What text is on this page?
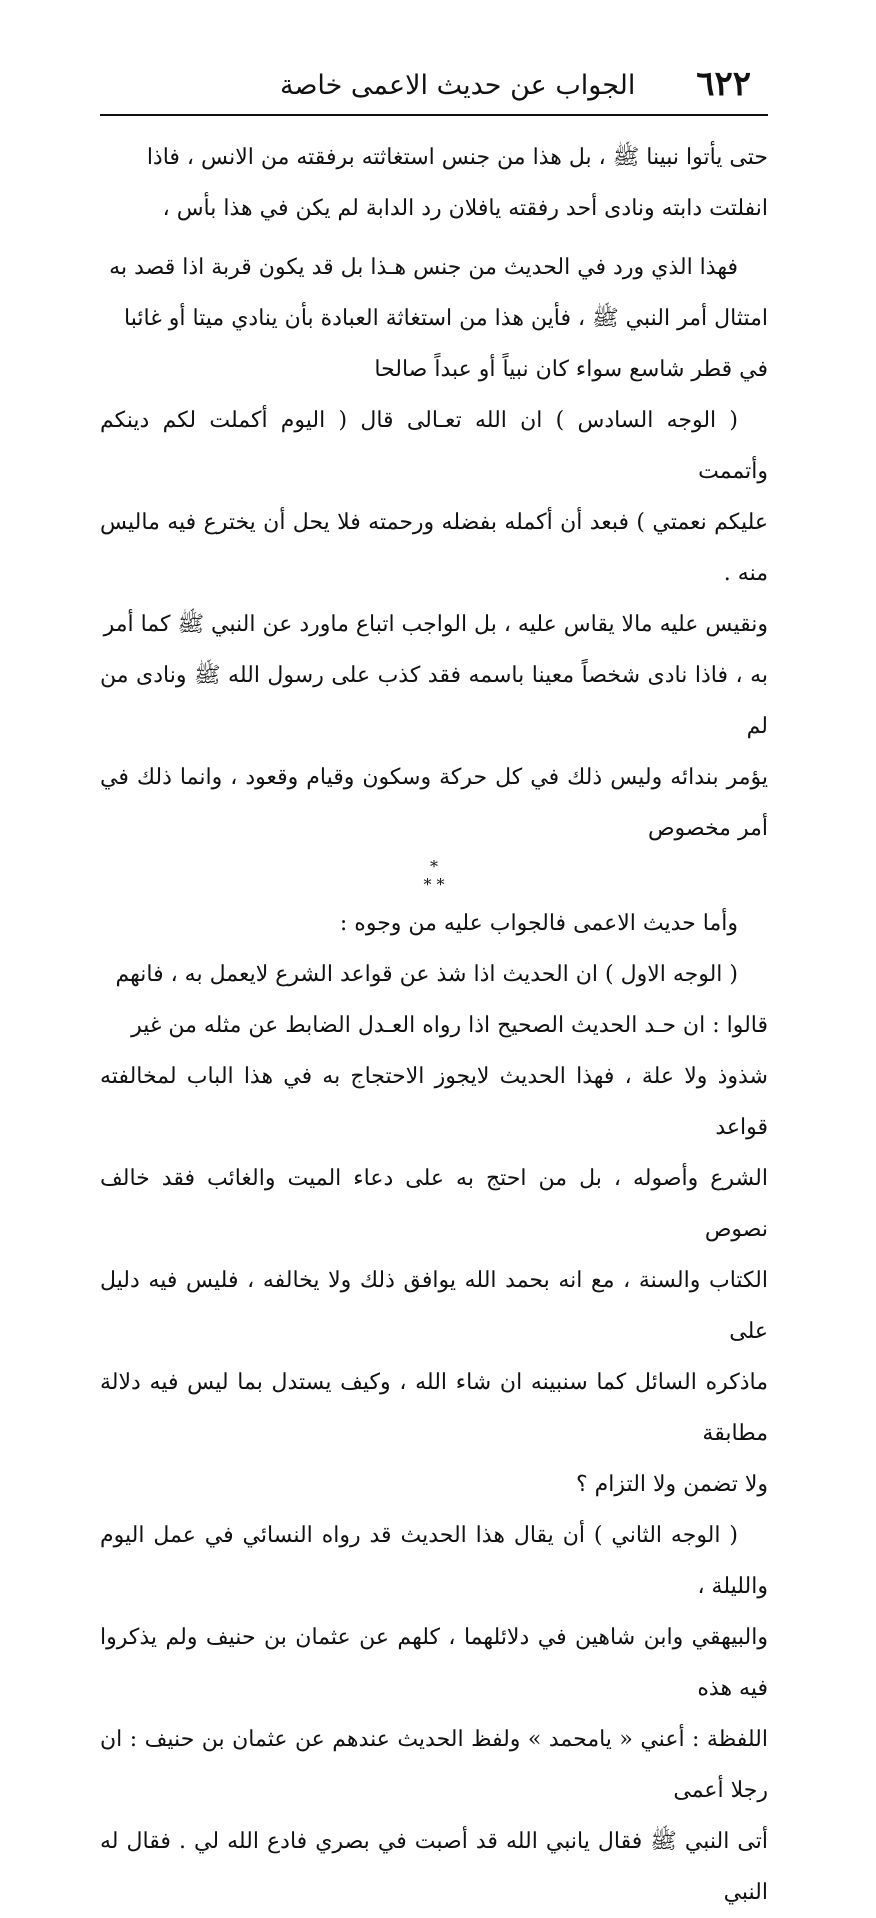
٦٢٢
الجواب عن حديث الاعمى خاصة

حتى يأتوا نبينا ﷺ ، بل هذا من جنس استغاثته برفقته من الانس ، فاذا

انفلتت دابته ونادى أحد رفقته يافلان رد الدابة لم يكن في هذا بأس ،

فهذا الذي ورد في الحديث من جنس هـذا بل قد يكون قربة اذا قصد به

امتثال أمر النبي ﷺ ، فأين هذا من استغاثة العبادة بأن ينادي ميتا أو غائبا

في قطر شاسع سواء كان نبياً أو عبداً صالحا

( الوجه السادس ) ان الله تعـالى قال ( اليوم أكملت لكم دينكم وأتممت

عليكم نعمتي ) فبعد أن أكمله بفضله ورحمته فلا يحل أن يخترع فيه ماليس منه .

ونقيس عليه مالا يقاس عليه ، بل الواجب اتباع ماورد عن النبي ﷺ كما أمر

به ، فاذا نادى شخصاً معينا باسمه فقد كذب على رسول الله ﷺ ونادى من لم

يؤمر بندائه وليس ذلك في كل حركة وسكون وقيام وقعود ، وانما ذلك في أمر مخصوص

*
* *

وأما حديث الاعمى فالجواب عليه من وجوه :

( الوجه الاول ) ان الحديث اذا شذ عن قواعد الشرع لايعمل به ، فانهم

قالوا : ان حـد الحديث الصحيح اذا رواه العـدل الضابط عن مثله من غير

شذوذ ولا علة ، فهذا الحديث لايجوز الاحتجاج به في هذا الباب لمخالفته قواعد

الشرع وأصوله ، بل من احتج به على دعاء الميت والغائب فقد خالف نصوص

الكتاب والسنة ، مع انه بحمد الله يوافق ذلك ولا يخالفه ، فليس فيه دليل على

ماذكره السائل كما سنبينه ان شاء الله ، وكيف يستدل بما ليس فيه دلالة مطابقة

ولا تضمن ولا التزام ؟

( الوجه الثاني ) أن يقال هذا الحديث قد رواه النسائي في عمل اليوم والليلة ،

والبيهقي وابن شاهين في دلائلهما ، كلهم عن عثمان بن حنيف ولم يذكروا فيه هذه

اللفظة : أعني « يامحمد » ولفظ الحديث عندهم عن عثمان بن حنيف : ان رجلا أعمى

أتى النبي ﷺ فقال يانبي الله قد أصبت في بصري فادع الله لي . فقال له النبي
